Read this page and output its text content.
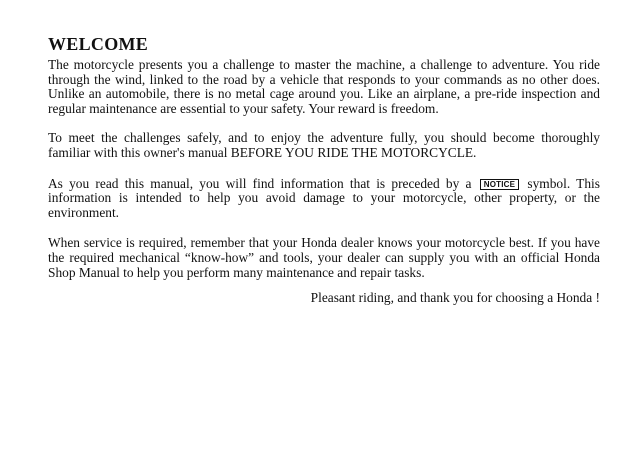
WELCOME

The motorcycle presents you a challenge to master the machine, a challenge to adventure. You ride through the wind, linked to the road by a vehicle that responds to your commands as no other does. Unlike an automobile, there is no metal cage around you. Like an airplane, a pre-ride inspection and regular maintenance are essential to your safety. Your reward is freedom.

To meet the challenges safely, and to enjoy the adventure fully, you should become thoroughly familiar with this owner's manual BEFORE YOU RIDE THE MOTORCYCLE.

As you read this manual, you will find information that is preceded by a NOTICE symbol. This information is intended to help you avoid damage to your motorcycle, other property, or the environment.

When service is required, remember that your Honda dealer knows your motorcycle best. If you have the required mechanical “know-how” and tools, your dealer can supply you with an official Honda Shop Manual to help you perform many maintenance and repair tasks.

Pleasant riding, and thank you for choosing a Honda !
